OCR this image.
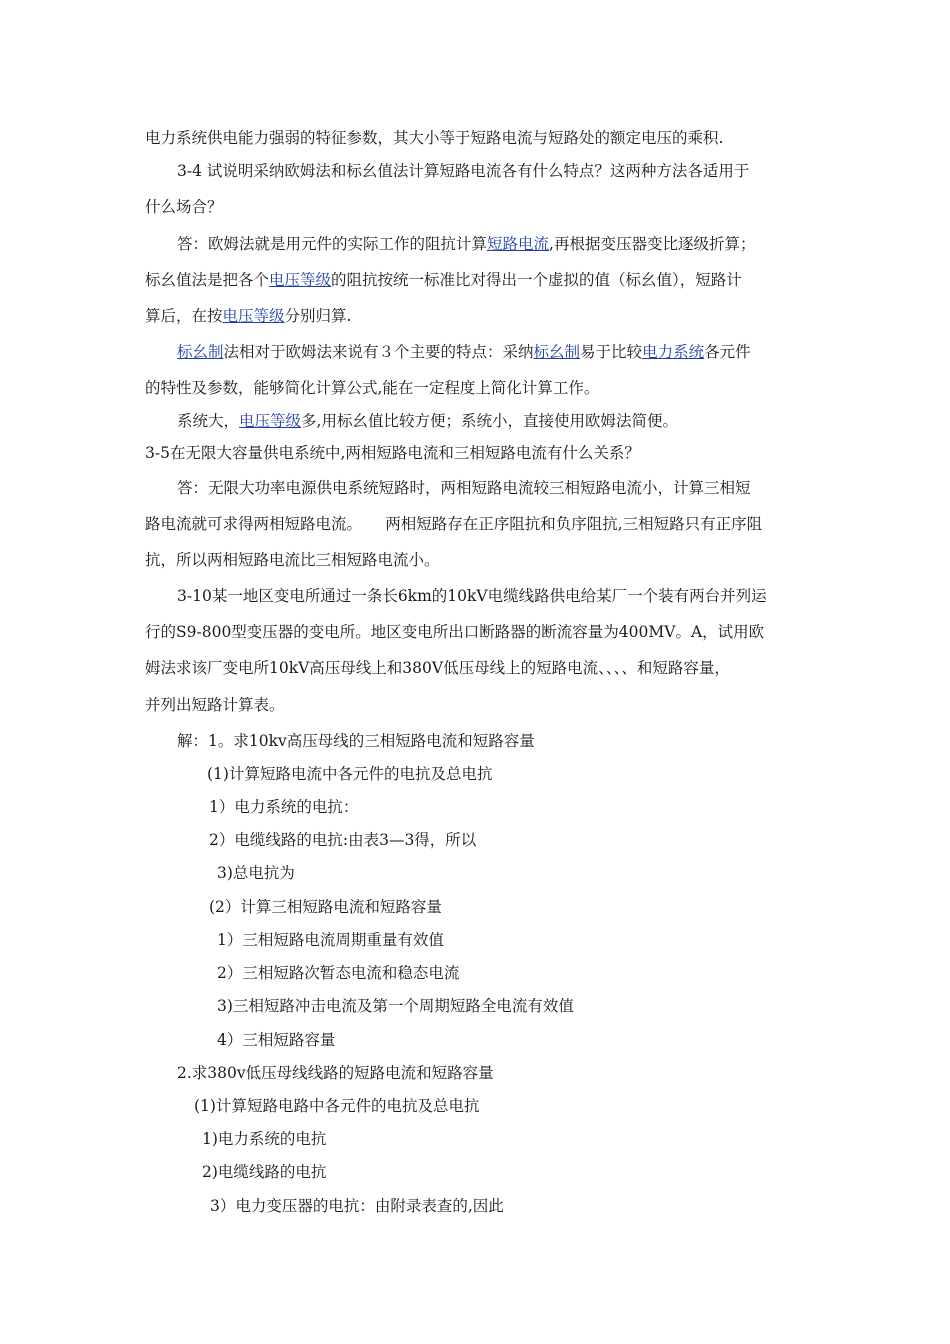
电力系统供电能力强弱的特征参数，其大小等于短路电流与短路处的额定电压的乘积.
3-4 试说明采纳欧姆法和标幺值法计算短路电流各有什么特点？这两种方法各适用于
什么场合？
答：欧姆法就是用元件的实际工作的阻抗计算短路电流,再根据变压器变比逐级折算；
标幺值法是把各个电压等级的阻抗按统一标准比对得出一个虚拟的值（标幺值），短路计
算后，在按电压等级分别归算.
标幺制法相对于欧姆法来说有３个主要的特点：采纳标幺制易于比较电力系统各元件
的特性及参数，能够简化计算公式,能在一定程度上简化计算工作。
系统大，电压等级多,用标幺值比较方便；系统小，直接使用欧姆法简便。
3-5在无限大容量供电系统中,两相短路电流和三相短路电流有什么关系？
答：无限大功率电源供电系统短路时，两相短路电流较三相短路电流小，计算三相短
路电流就可求得两相短路电流。　　两相短路存在正序阻抗和负序阻抗,三相短路只有正序阻
抗，所以两相短路电流比三相短路电流小。
3-10某一地区变电所通过一条长6km的10kV电缆线路供电给某厂一个装有两台并列运
行的S9-800型变压器的变电所。地区变电所出口断路器的断流容量为400MV。A，试用欧
姆法求该厂变电所10kV高压母线上和380V低压母线上的短路电流、、、、和短路容量，
并列出短路计算表。
解：1。求10kv高压母线的三相短路电流和短路容量
(1)计算短路电流中各元件的电抗及总电抗
1）电力系统的电抗：
2）电缆线路的电抗:由表3—3得，所以
3)总电抗为
(2）计算三相短路电流和短路容量
1）三相短路电流周期重量有效值
2）三相短路次暂态电流和稳态电流
3)三相短路冲击电流及第一个周期短路全电流有效值
4）三相短路容量
2.求380v低压母线线路的短路电流和短路容量
(1)计算短路电路中各元件的电抗及总电抗
1)电力系统的电抗
2)电缆线路的电抗
3）电力变压器的电抗：由附录表查的,因此
